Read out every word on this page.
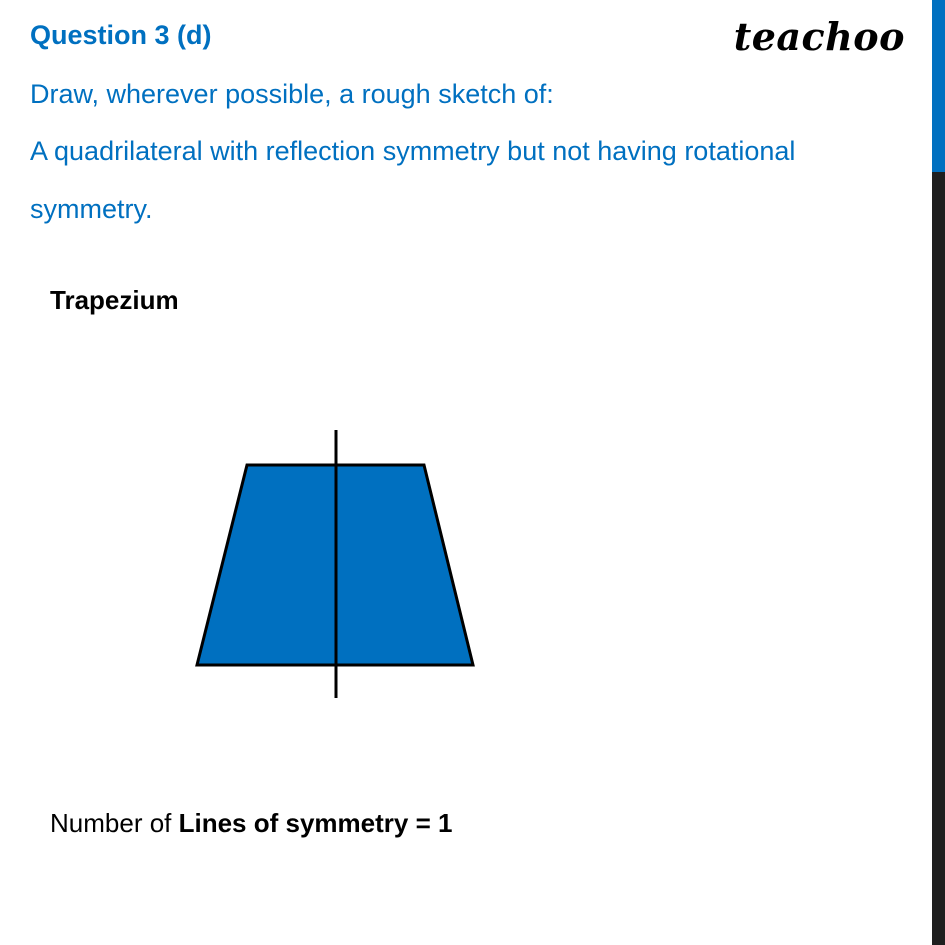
Question 3 (d)	teachoo
Draw, wherever possible, a rough sketch of:
A quadrilateral with reflection symmetry but not having rotational
symmetry.
Trapezium
Number of Lines of symmetry = 1
